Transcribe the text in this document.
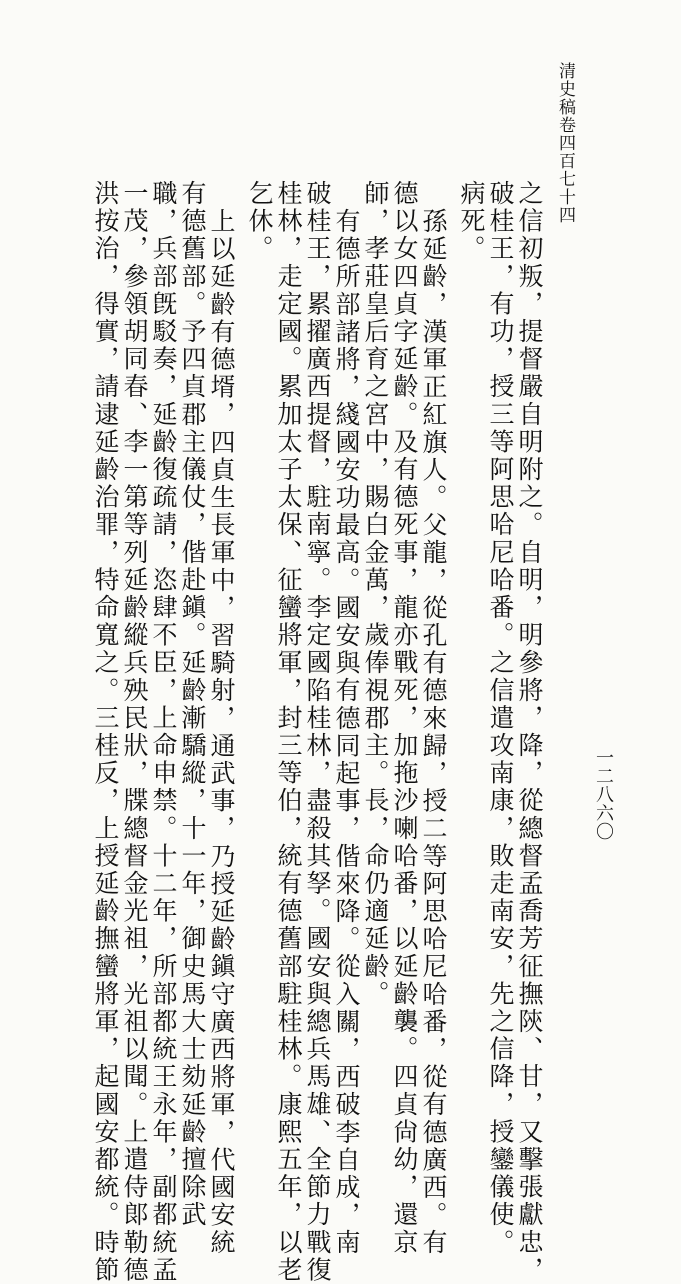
清史稿卷四百七十四
一二八六〇
之信初叛，提督嚴自明附之。自明，明參將，降，從總督孟喬芳征撫陝、甘，又擊張獻忠，
破桂王，有功，授三等阿思哈尼哈番。之信遣攻南康，敗走南安，先之信降，授鑾儀使。
病死。
孫延齡，漢軍正紅旗人。父龍，從孔有德來歸，授二等阿思哈尼哈番，從有德廣西。有
德以女四貞字延齡。及有德死事，龍亦戰死，加拖沙喇哈番，以延齡襲。四貞尙幼，還京
師，孝莊皇后育之宮中，賜白金萬，歲俸視郡主。長，命仍適延齡。
有德所部諸將，綫國安功最高。國安與有德同起事，偕來降。從入關，西破李自成，南
破桂王，累擢廣西提督，駐南寧。李定國陷桂林，盡殺其孥。國安與總兵馬雄、全節力戰復
桂林，走定國。累加太子太保、征蠻將軍，封三等伯，統有德舊部駐桂林。康熙五年，以老
乞休。
上以延齡有德壻，四貞生長軍中，習騎射，通武事，乃授延齡鎭守廣西將軍，代國安統
有德舊部。予四貞郡主儀仗，偕赴鎭。延齡漸驕縱，十一年，御史馬大士劾延齡擅除武
職，兵部旣駁奏，延齡復疏請，恣肆不臣，上命申禁。十二年，所部都統王永年，副都統孟
一茂，參領胡同春、李一第等列延齡縱兵殃民狀，牒總督金光祖，光祖以聞。上遣侍郞勒德
洪按治，得實，請逮延齡治罪，特命寬之。三桂反，上授延齡撫蠻將軍，起國安都統。時節
